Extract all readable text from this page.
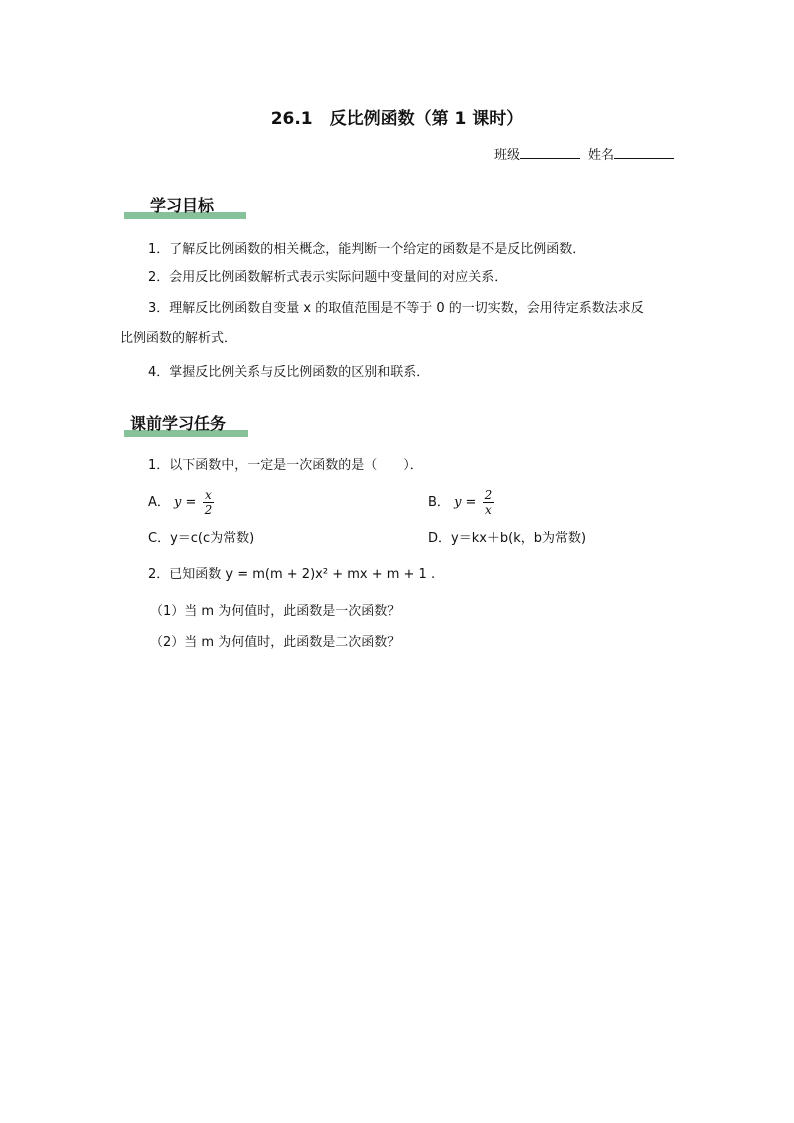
26.1　反比例函数（第 1 课时）
班级	姓名
学习目标
1．了解反比例函数的相关概念，能判断一个给定的函数是不是反比例函数．
2．会用反比例函数解析式表示实际问题中变量间的对应关系．
3．理解反比例函数自变量 x 的取值范围是不等于 0 的一切实数，会用待定系数法求反
比例函数的解析式．
4．掌握反比例关系与反比例函数的区别和联系．
课前学习任务
1．以下函数中，一定是一次函数的是（　　）．
A． $y = \frac{x}{2}$	B． $y = \frac{2}{x}$
C．y＝c(c为常数)	D．y＝kx＋b(k，b为常数)
2．已知函数 y = m(m + 2)x² + mx + m + 1 .
（1）当 m 为何值时，此函数是一次函数？
（2）当 m 为何值时，此函数是二次函数？
